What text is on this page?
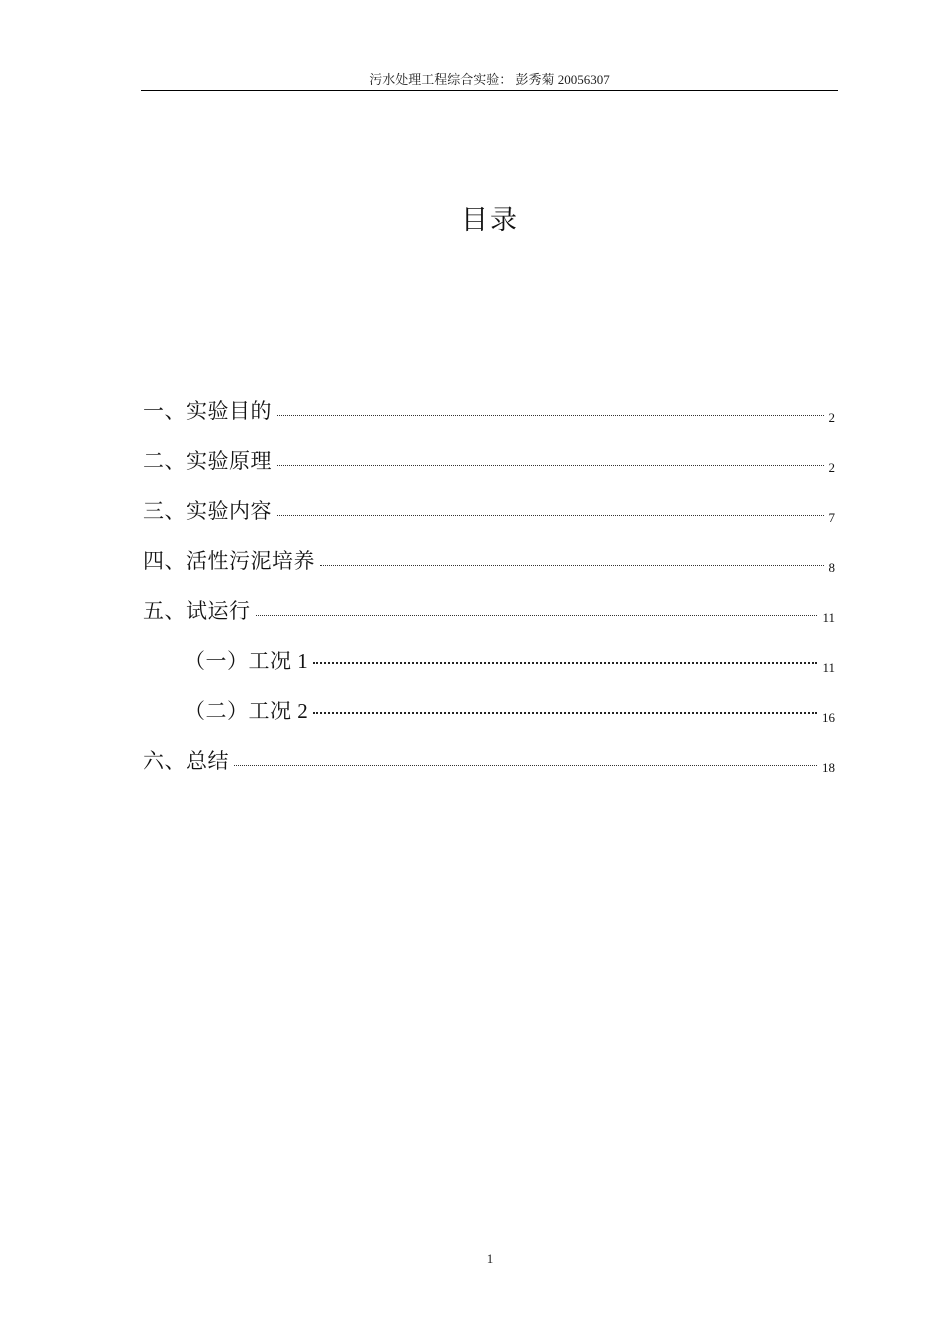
污水处理工程综合实验： 彭秀菊 20056307
目录
一、实验目的	2
二、实验原理	2
三、实验内容	7
四、活性污泥培养	8
五、试运行	11
（一）工况 1	11
（二）工况 2	16
六、总结	18
1
